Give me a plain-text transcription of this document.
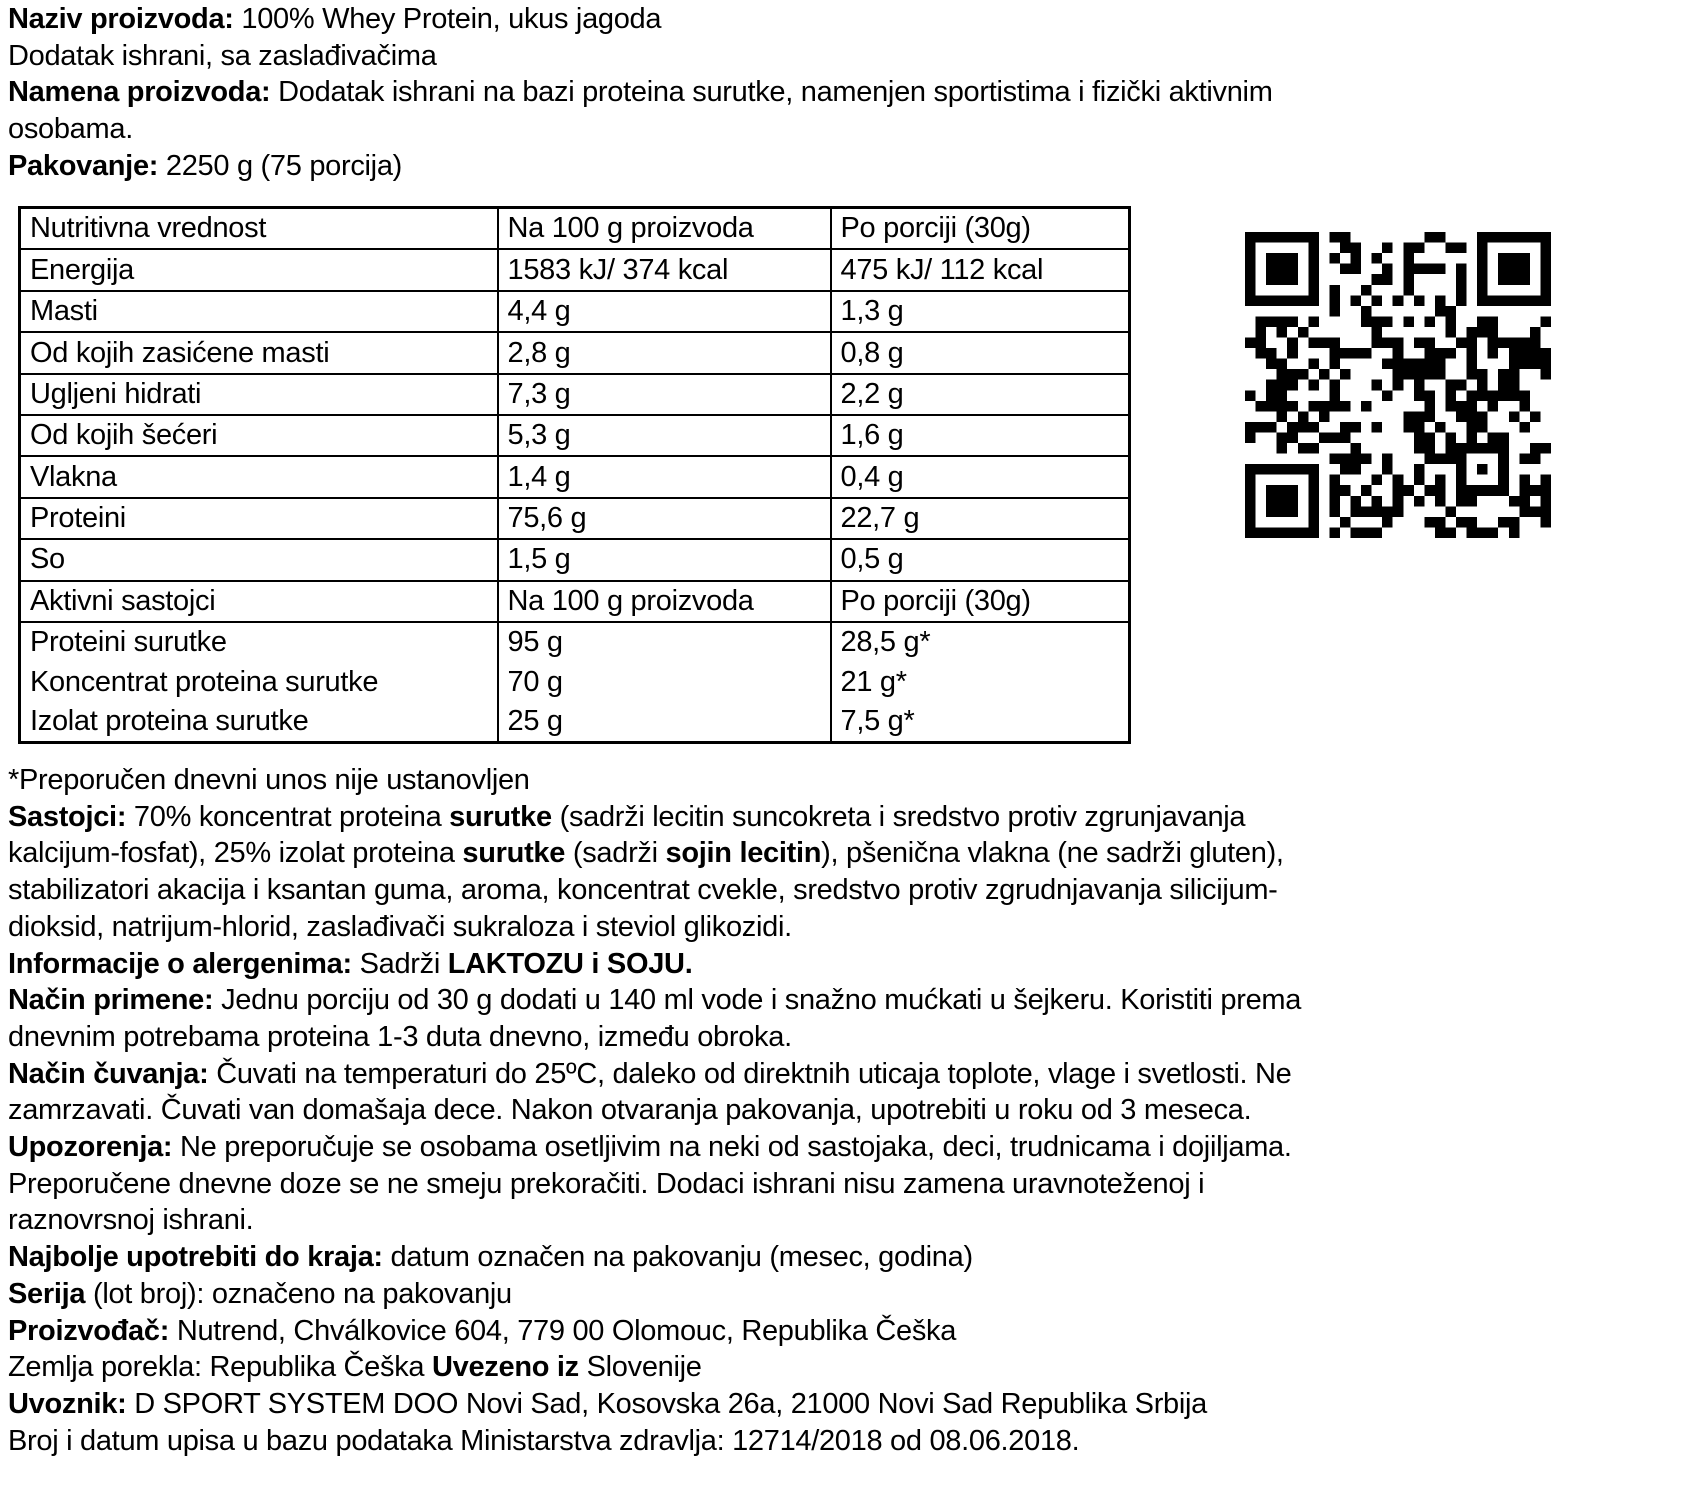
Naziv proizvoda: 100% Whey Protein, ukus jagoda
Dodatak ishrani, sa zaslađivačima
Namena proizvoda: Dodatak ishrani na bazi proteina surutke, namenjen sportistima i fizički aktivnim
osobama.
Pakovanje: 2250 g (75 porcija)
Nutritivna vrednost	Na 100 g proizvoda	Po porciji (30g)
Energija	1583 kJ/ 374 kcal	475 kJ/ 112 kcal
Masti	4,4 g	1,3 g
Od kojih zasićene masti	2,8 g	0,8 g
Ugljeni hidrati	7,3 g	2,2 g
Od kojih šećeri	5,3 g	1,6 g
Vlakna	1,4 g	0,4 g
Proteini	75,6 g	22,7 g
So	1,5 g	0,5 g
Aktivni sastojci	Na 100 g proizvoda	Po porciji (30g)
Proteini surutke	95 g	28,5 g*
Koncentrat proteina surutke	70 g	21 g*
Izolat proteina surutke	25 g	7,5 g*
*Preporučen dnevni unos nije ustanovljen
Sastojci: 70% koncentrat proteina surutke (sadrži lecitin suncokreta i sredstvo protiv zgrunjavanja
kalcijum-fosfat), 25% izolat proteina surutke (sadrži sojin lecitin), pšenična vlakna (ne sadrži gluten),
stabilizatori akacija i ksantan guma, aroma, koncentrat cvekle, sredstvo protiv zgrudnjavanja silicijum-
dioksid, natrijum-hlorid, zaslađivači sukraloza i steviol glikozidi.
Informacije o alergenima: Sadrži LAKTOZU i SOJU.
Način primene: Jednu porciju od 30 g dodati u 140 ml vode i snažno mućkati u šejkeru. Koristiti prema
dnevnim potrebama proteina 1-3 duta dnevno, između obroka.
Način čuvanja: Čuvati na temperaturi do 25ºC, daleko od direktnih uticaja toplote, vlage i svetlosti. Ne
zamrzavati. Čuvati van domašaja dece. Nakon otvaranja pakovanja, upotrebiti u roku od 3 meseca.
Upozorenja: Ne preporučuje se osobama osetljivim na neki od sastojaka, deci, trudnicama i dojiljama.
Preporučene dnevne doze se ne smeju prekoračiti. Dodaci ishrani nisu zamena uravnoteženoj i
raznovrsnoj ishrani.
Najbolje upotrebiti do kraja: datum označen na pakovanju (mesec, godina)
Serija (lot broj): označeno na pakovanju
Proizvođač: Nutrend, Chválkovice 604, 779 00 Olomouc, Republika Češka
Zemlja porekla: Republika Češka Uvezeno iz Slovenije
Uvoznik: D SPORT SYSTEM DOO Novi Sad, Kosovska 26a, 21000 Novi Sad Republika Srbija
Broj i datum upisa u bazu podataka Ministarstva zdravlja: 12714/2018 od 08.06.2018.
